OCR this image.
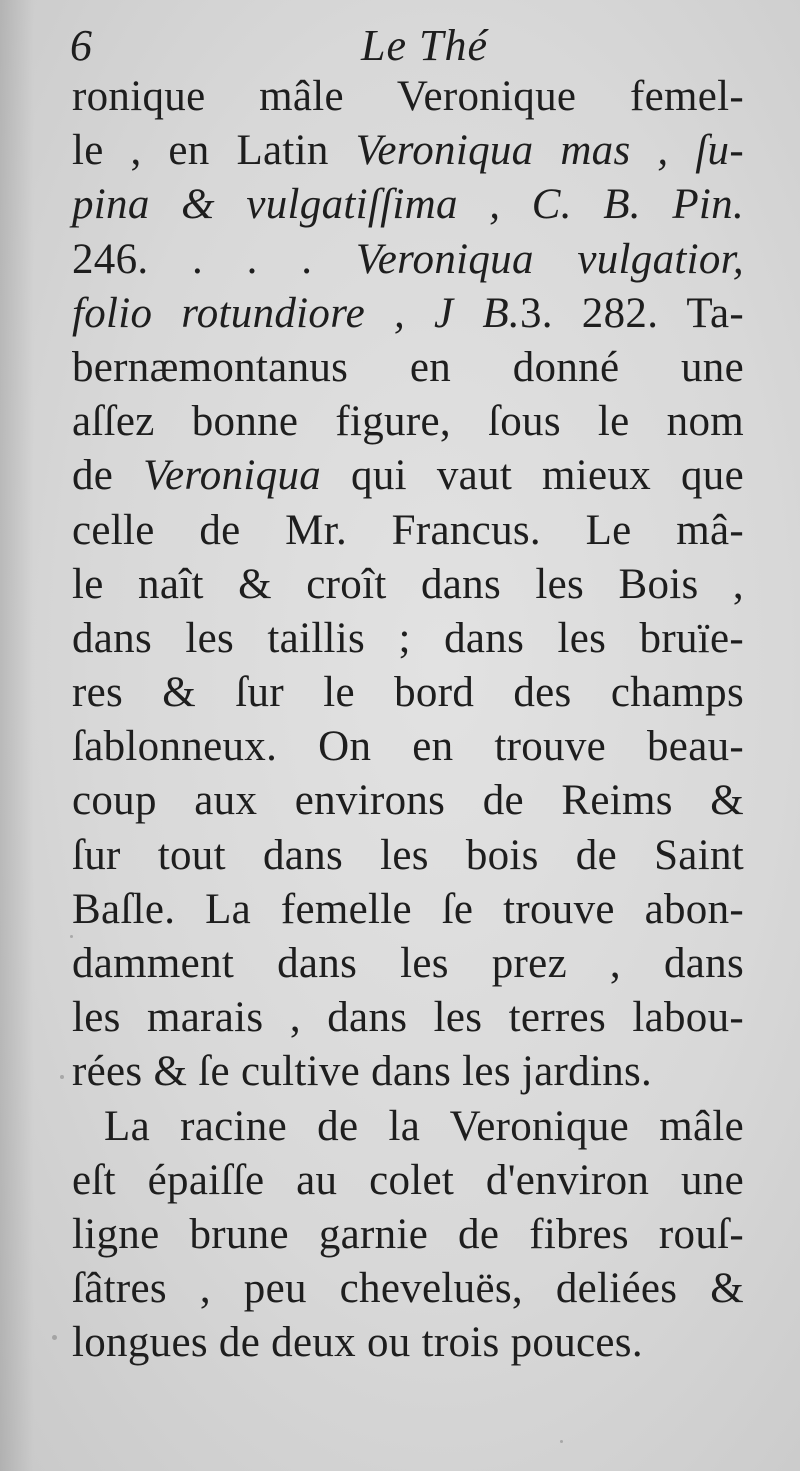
6	Le Thé
ronique mâle Veronique femel-
le , en Latin Veroniqua mas , ſu-
pina & vulgatiſſima , C. B. Pin.
246. . . . Veroniqua vulgatior,
folio rotundiore , J B.3. 282. Ta-
bernæmontanus en donné une
aſſez bonne figure, ſous le nom
de Veroniqua qui vaut mieux que
celle de Mr. Francus. Le mâ-
le naît & croît dans les Bois ,
dans les taillis ; dans les bruïe-
res & ſur le bord des champs
ſablonneux. On en trouve beau-
coup aux environs de Reims &
ſur tout dans les bois de Saint
Baſle. La femelle ſe trouve abon-
damment dans les prez , dans
les marais , dans les terres labou-
rées & ſe cultive dans les jardins.
La racine de la Veronique mâle
eſt épaiſſe au colet d'environ une
ligne brune garnie de fibres rouſ-
ſâtres , peu cheveluës, deliées &
longues de deux ou trois pouces.
